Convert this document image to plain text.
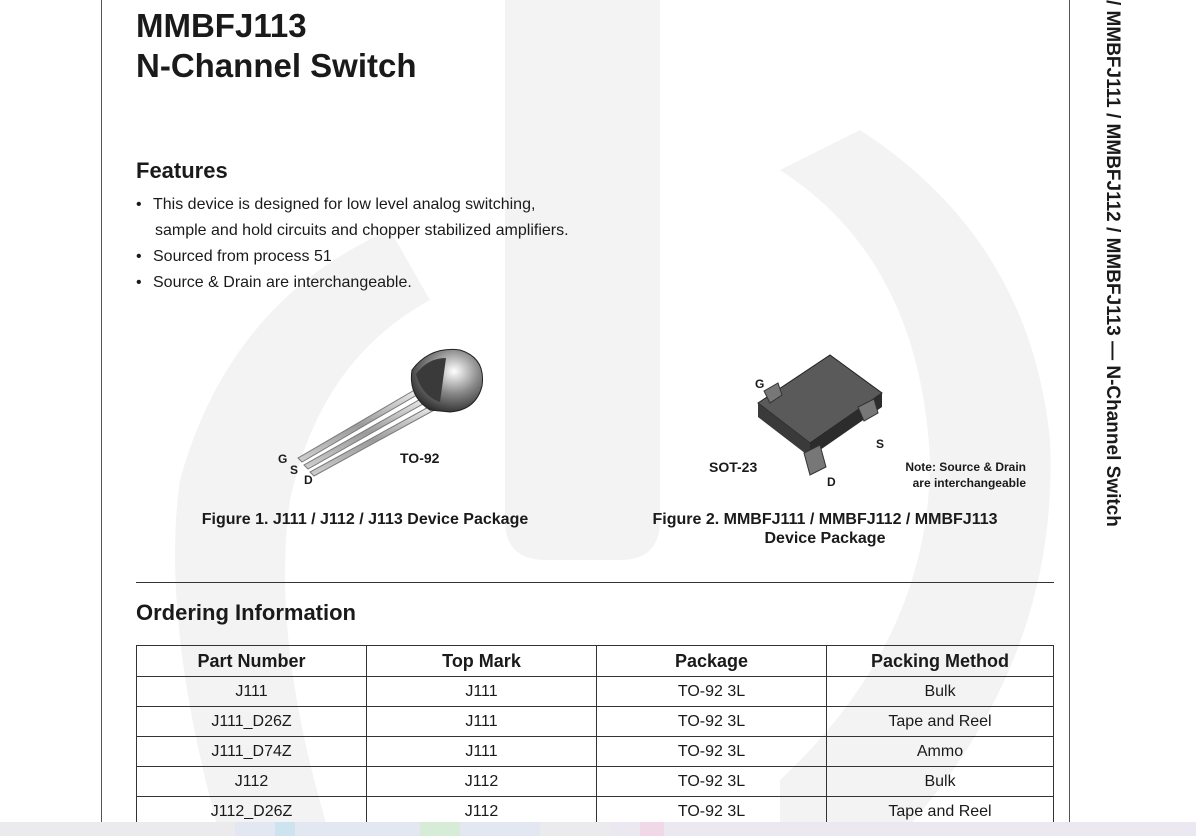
MMBFJ113
N-Channel Switch
Features
• This device is designed for low level analog switching,
sample and hold circuits and chopper stabilized amplifiers.
• Sourced from process 51
• Source & Drain are interchangeable.
G
S
D
TO-92
Figure 1. J111 / J112 / J113 Device Package
G
S
D
SOT-23	Note: Source & Drain
are interchangeable
Figure 2. MMBFJ111 / MMBFJ112 / MMBFJ113
Device Package
Ordering Information
Part Number	Top Mark	Package	Packing Method
J111	J111	TO-92 3L	Bulk
J111_D26Z	J111	TO-92 3L	Tape and Reel
J111_D74Z	J111	TO-92 3L	Ammo
J112	J112	TO-92 3L	Bulk
J112_D26Z	J112	TO-92 3L	Tape and Reel
/ MMBFJ111 / MMBFJ112 / MMBFJ113 — N-Channel Switch
